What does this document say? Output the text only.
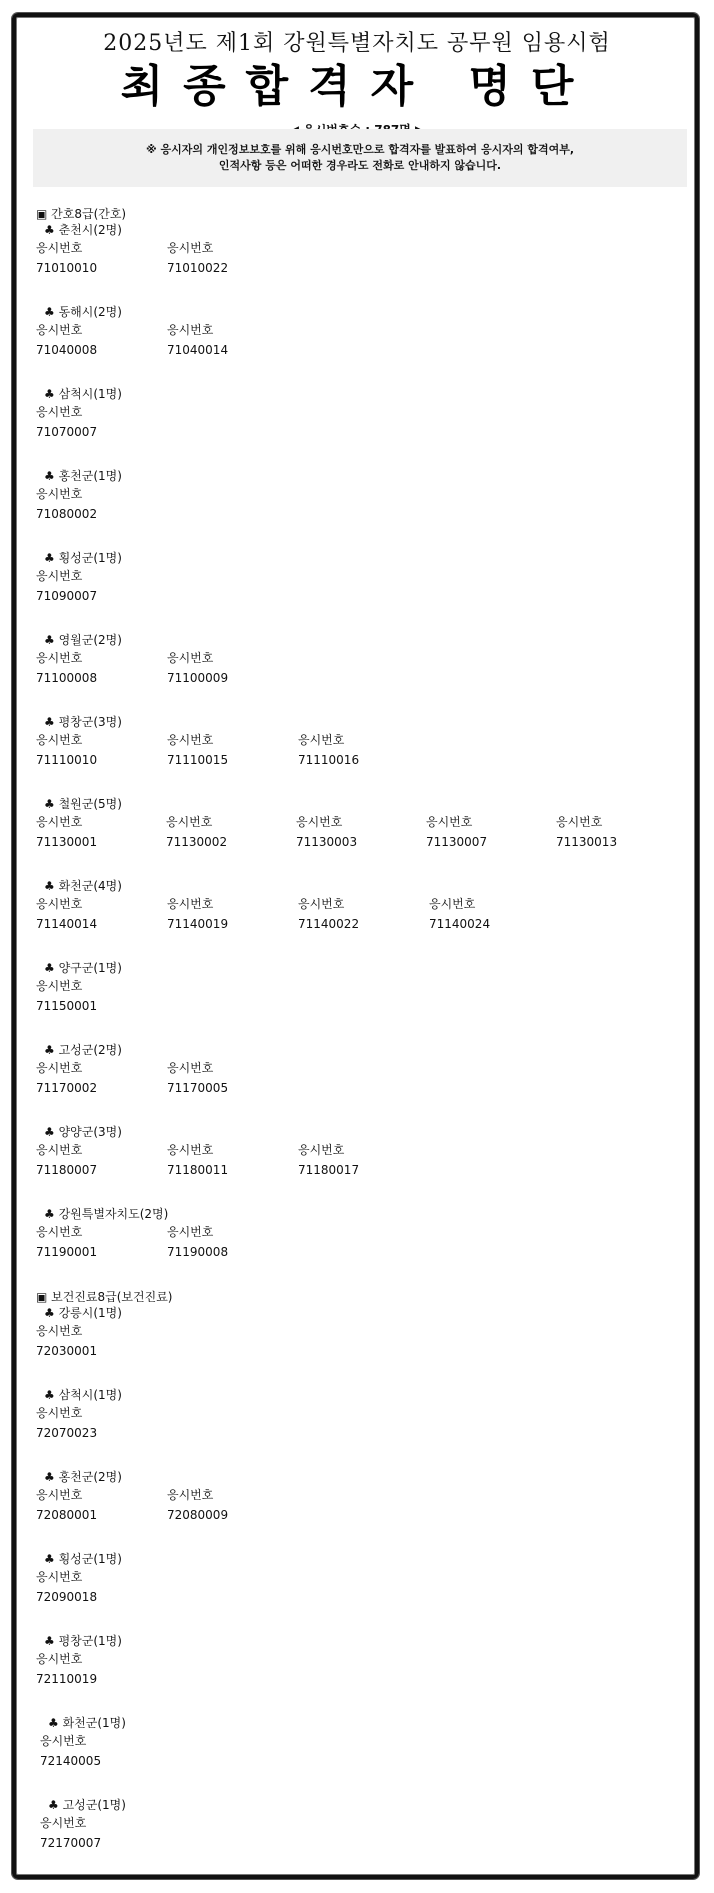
2025년도 제1회 강원특별자치도 공무원 임용시험
최종합격자 명단
※ 응시자의 개인정보보호를 위해 응시번호만으로 합격자를 발표하여 응시자의 합격여부,
인적사항 등은 어떠한 경우라도 전화로 안내하지 않습니다.
▣ 간호8급(간호)
♣ 춘천시(2명)
응시번호
71010010
응시번호
71010022
♣ 동해시(2명)
응시번호
71040008
응시번호
71040014
♣ 삼척시(1명)
응시번호
71070007
♣ 홍천군(1명)
응시번호
71080002
♣ 횡성군(1명)
응시번호
71090007
♣ 영월군(2명)
응시번호
71100008
응시번호
71100009
♣ 평창군(3명)
응시번호
71110010
응시번호
71110015
응시번호
71110016
♣ 철원군(5명)
응시번호
71130001
응시번호
71130002
응시번호
71130003
응시번호
71130007
응시번호
71130013
♣ 화천군(4명)
응시번호
71140014
응시번호
71140019
응시번호
71140022
응시번호
71140024
♣ 양구군(1명)
응시번호
71150001
♣ 고성군(2명)
응시번호
71170002
응시번호
71170005
♣ 양양군(3명)
응시번호
71180007
응시번호
71180011
응시번호
71180017
♣ 강원특별자치도(2명)
응시번호
71190001
응시번호
71190008
▣ 보건진료8급(보건진료)
♣ 강릉시(1명)
응시번호
72030001
♣ 삼척시(1명)
응시번호
72070023
♣ 홍천군(2명)
응시번호
72080001
응시번호
72080009
♣ 횡성군(1명)
응시번호
72090018
♣ 평창군(1명)
응시번호
72110019
♣ 화천군(1명)
응시번호
72140005
♣ 고성군(1명)
응시번호
72170007
